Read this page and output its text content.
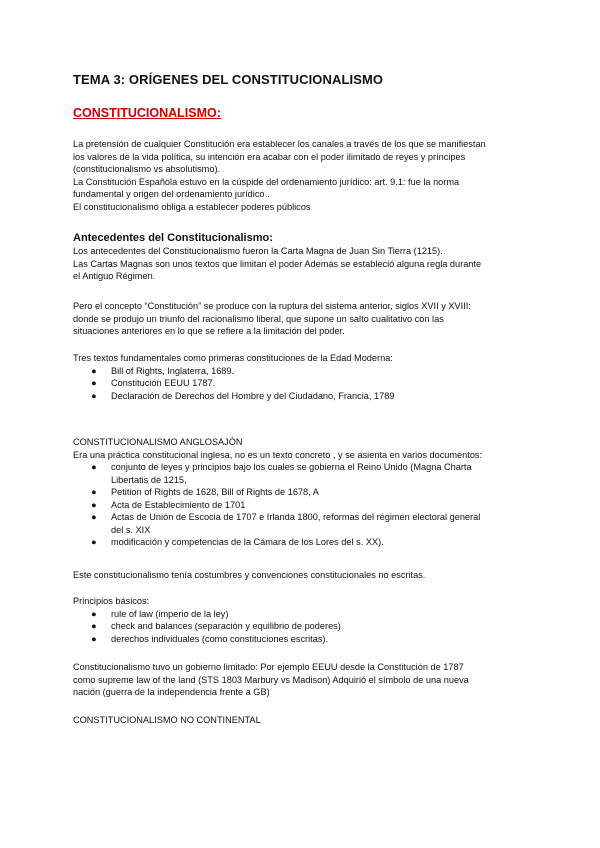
TEMA 3: ORÍGENES DEL CONSTITUCIONALISMO
CONSTITUCIONALISMO:

La pretensión de cualquier Constitución era establecer los canales a través de los que se manifiestan

los valores de la vida política, su intención era acabar con el poder ilimitado de reyes y príncipes

(constitucionalismo vs absolutismo).

La Constitución Española estuvo en la cúspide del ordenamiento jurídico: art. 9.1: fue la norma

fundamental y origen del ordenamiento jurídico .

El constitucionalismo obliga a establecer poderes públicos

Antecedentes del Constitucionalismo:

Los antecedentes del Constitucionalismo fueron la Carta Magna de Juan Sin Tierra (1215).

Las Cartas Magnas son unos textos que limitan el poder Además se estableció alguna regla durante

el Antiguo Régimen.

Pero el concepto “Constitución” se produce con la ruptura del sistema anterior, siglos XVII y XVIII:

donde se produjo un triunfo del racionalismo liberal, que supone un salto cualitativo con las

situaciones anteriores en lo que se refiere a la limitación del poder.

Tres textos fundamentales como primeras constituciones de la Edad Moderna:

● Bill of Rights, Inglaterra, 1689.
● Constitución EEUU 1787.
● Declaración de Derechos del Hombre y del Ciudadano, Francia, 1789

CONSTITUCIONALISMO ANGLOSAJÓN

Era una práctica constitucional inglesa, no es un texto concreto , y se asienta en varios documentos:

● conjunto de leyes y principios bajo los cuales se gobierna el Reino Unido (Magna Charta
Libertatis de 1215,
● Petition of Rights de 1628, Bill of Rights de 1678, A
● Acta de Establecimiento de 1701
● Actas de Unión de Escocia de 1707 e Irlanda 1800, reformas del régimen electoral general
del s. XIX
● modificación y competencias de la Cámara de los Lores del s. XX).

Este constitucionalismo tenía costumbres y convenciones constitucionales no escritas.

Principios básicos:

● rule of law (imperio de la ley)
● check and balances (separación y equilibrio de poderes)
● derechos individuales (como constituciones escritas).

Constitucionalismo tuvo un gobierno limitado: Por ejemplo EEUU desde la Constitución de 1787

como supreme law of the land (STS 1803 Marbury vs Madison) Adquirió el símbolo de una nueva

nación (guerra de la independencia frente a GB)

CONSTITUCIONALISMO NO CONTINENTAL
